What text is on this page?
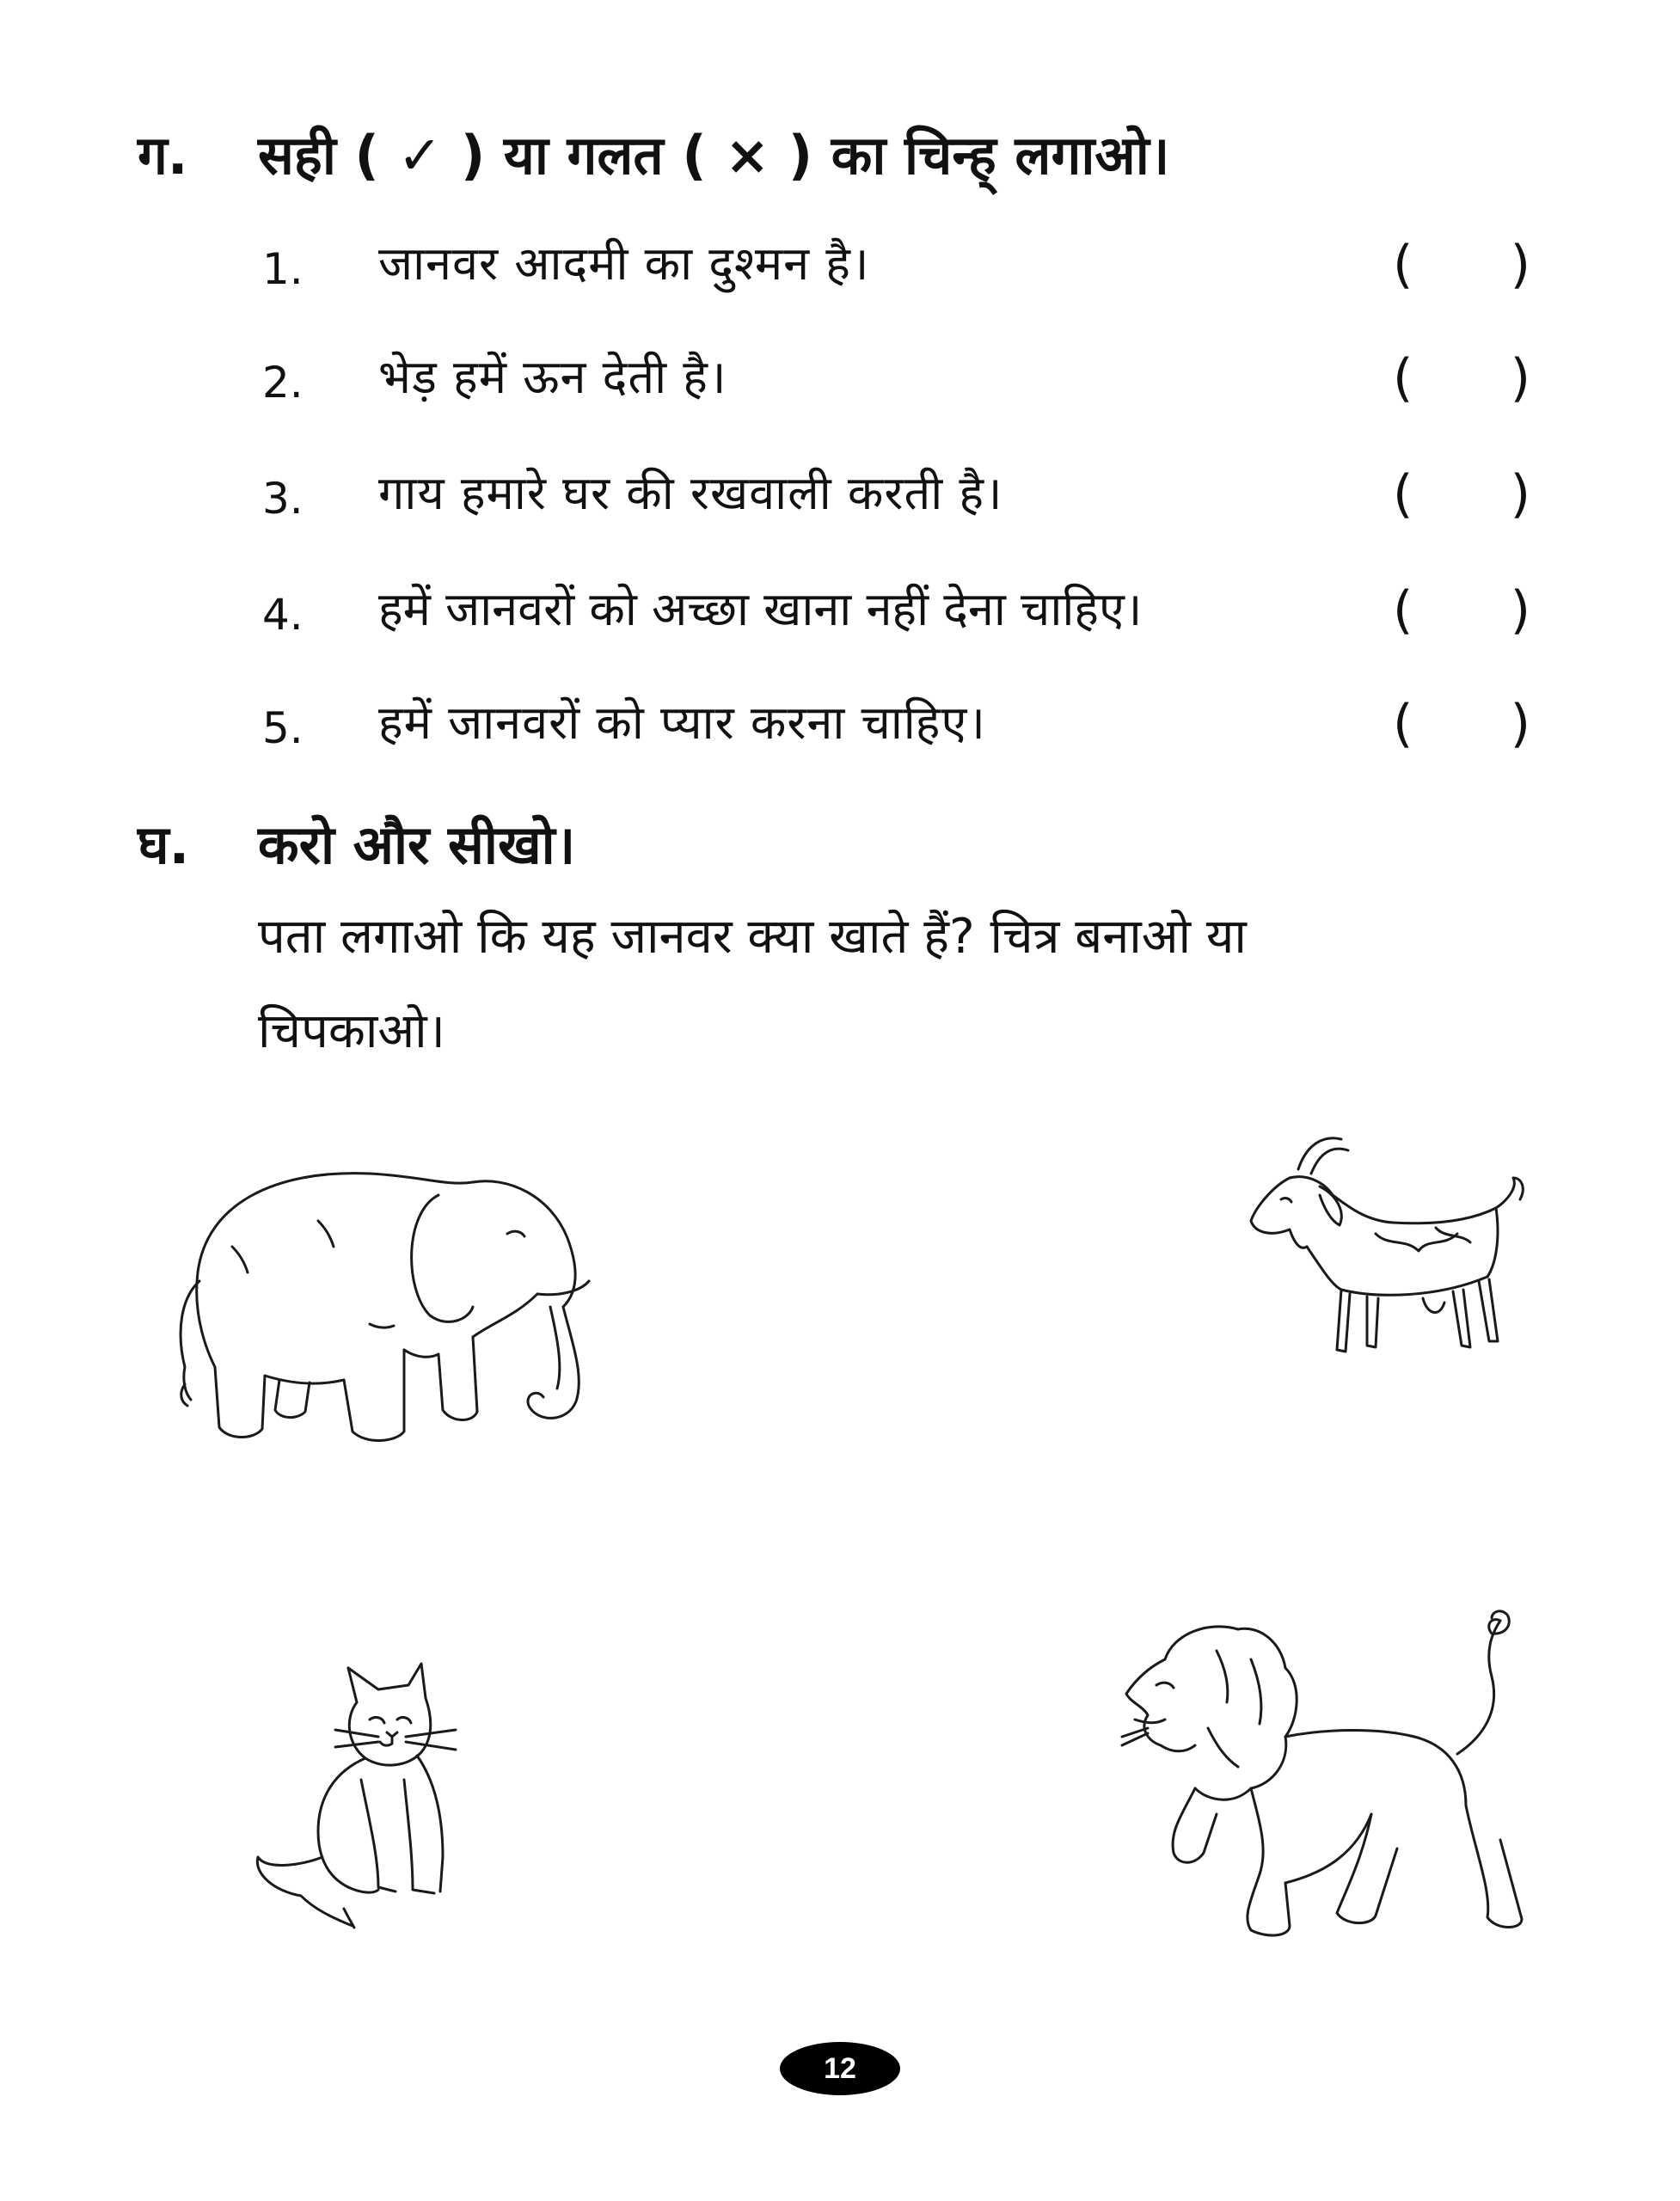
ग. सही ( ✓ ) या गलत ( × ) का चिन्ह् लगाओ।
1. जानवर आदमी का दुश्मन है।	( )
2. भेड़ हमें ऊन देती है।	( )
3. गाय हमारे घर की रखवाली करती है।	( )
4. हमें जानवरों को अच्छा खाना नहीं देना चाहिए।	( )
5. हमें जानवरों को प्यार करना चाहिए।	( )
घ. करो और सीखो।
पता लगाओ कि यह जानवर क्या खाते हैं? चित्र बनाओ या
चिपकाओ।
12
